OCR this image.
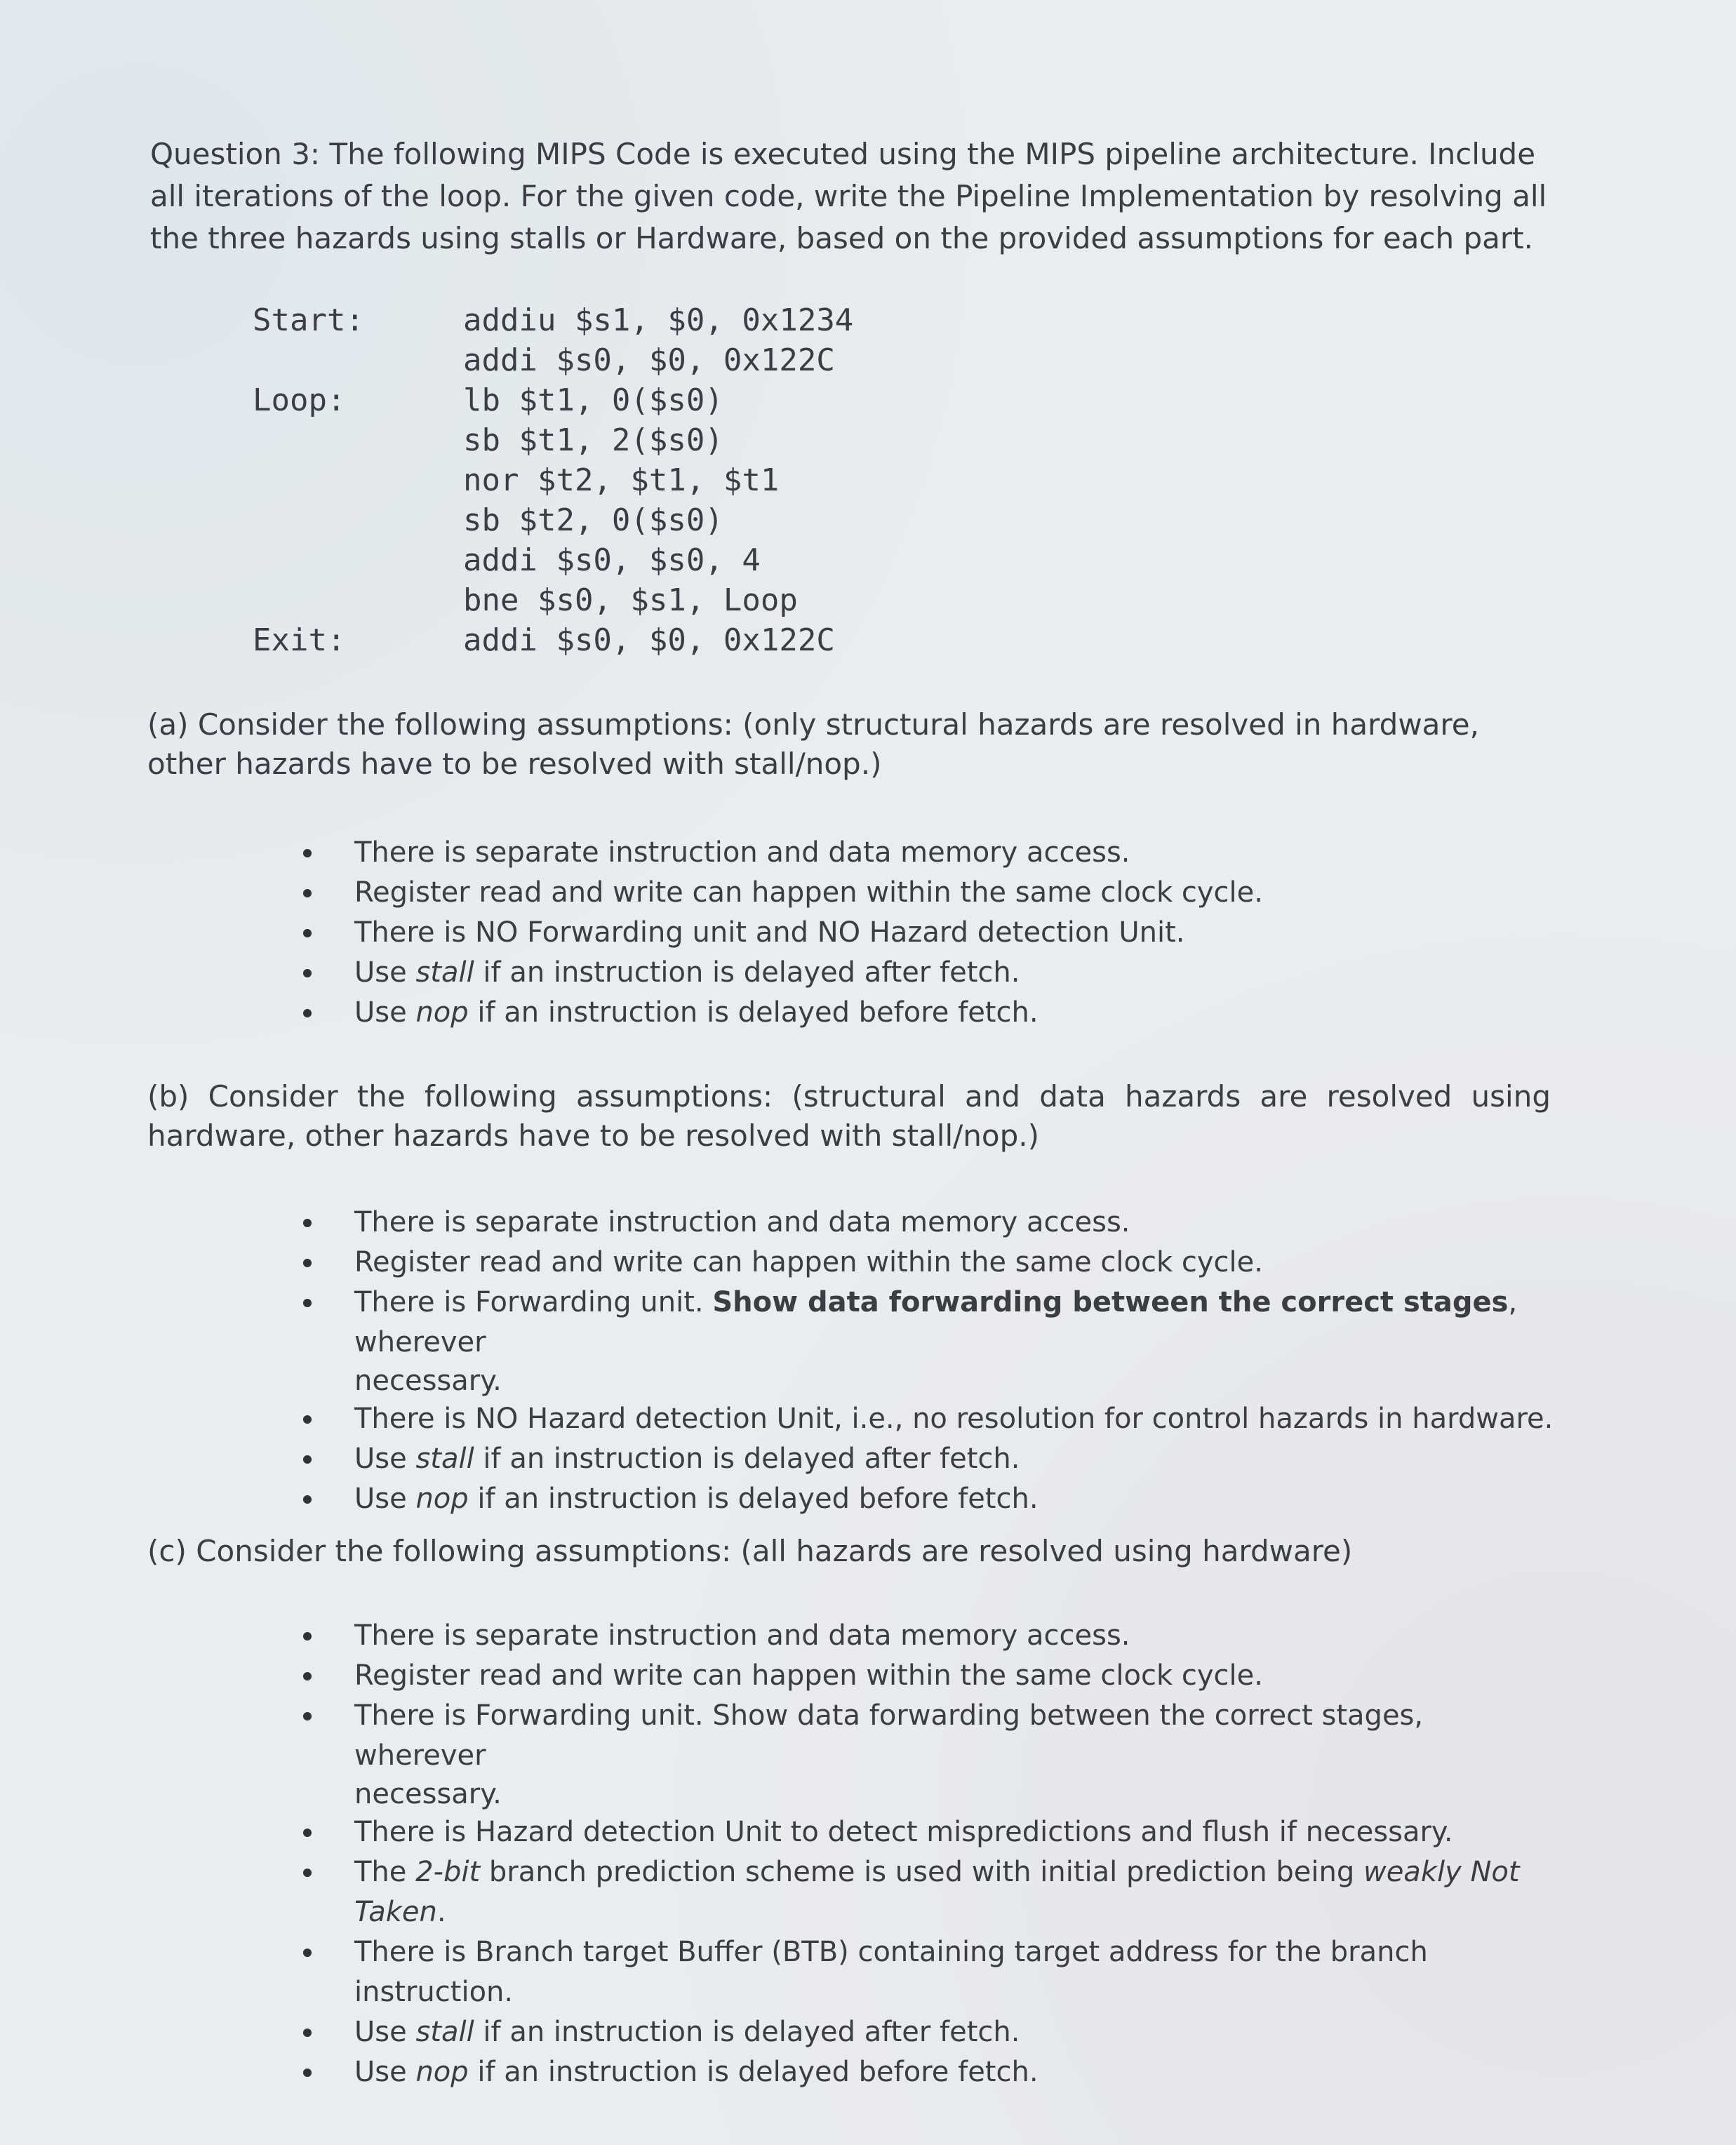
Question 3: The following MIPS Code is executed using the MIPS pipeline architecture. Include all iterations of the loop. For the given code, write the Pipeline Implementation by resolving all the three hazards using stalls or Hardware, based on the provided assumptions for each part.

Start:	addiu $s1, $0, 0x1234
addi $s0, $0, 0x122C
Loop:	lb $t1, 0($s0)
sb $t1, 2($s0)
nor $t2, $t1, $t1
sb $t2, 0($s0)
addi $s0, $s0, 4
bne $s0, $s1, Loop
Exit:	addi $s0, $0, 0x122C

(a) Consider the following assumptions: (only structural hazards are resolved in hardware, other hazards have to be resolved with stall/nop.)

There is separate instruction and data memory access.
Register read and write can happen within the same clock cycle.
There is NO Forwarding unit and NO Hazard detection Unit.
Use stall if an instruction is delayed after fetch.
Use nop if an instruction is delayed before fetch.

(b) Consider the following assumptions: (structural and data hazards are resolved using hardware, other hazards have to be resolved with stall/nop.)

There is separate instruction and data memory access.
Register read and write can happen within the same clock cycle.
There is Forwarding unit. Show data forwarding between the correct stages, wherever
necessary.
There is NO Hazard detection Unit, i.e., no resolution for control hazards in hardware.
Use stall if an instruction is delayed after fetch.
Use nop if an instruction is delayed before fetch.

(c) Consider the following assumptions: (all hazards are resolved using hardware)

There is separate instruction and data memory access.
Register read and write can happen within the same clock cycle.
There is Forwarding unit. Show data forwarding between the correct stages, wherever
necessary.
There is Hazard detection Unit to detect mispredictions and flush if necessary.
The 2-bit branch prediction scheme is used with initial prediction being weakly Not Taken.
There is Branch target Buffer (BTB) containing target address for the branch instruction.
Use stall if an instruction is delayed after fetch.
Use nop if an instruction is delayed before fetch.
